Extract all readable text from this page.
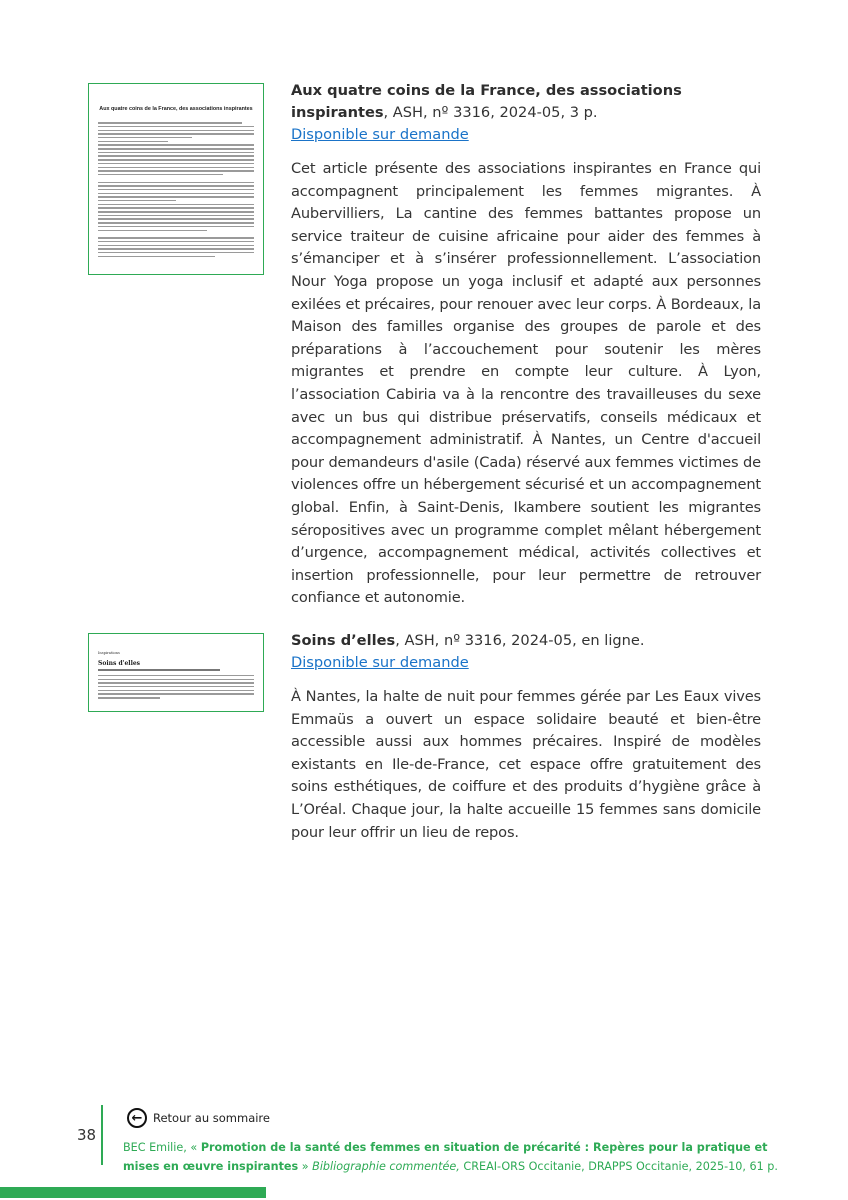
Aux quatre coins de la France, des associations inspirantes

Aux quatre coins de la France, des associations inspirantes, ASH, nº 3316, 2024-05, 3 p.

Disponible sur demande

Cet article présente des associations inspirantes en France qui accompagnent principalement les femmes migrantes. À Aubervilliers, La cantine des femmes battantes propose un service traiteur de cuisine africaine pour aider des femmes à s’émanciper et à s’insérer professionnellement. L’association Nour Yoga propose un yoga inclusif et adapté aux personnes exilées et précaires, pour renouer avec leur corps. À Bordeaux, la Maison des familles organise des groupes de parole et des préparations à l’accouchement pour soutenir les mères migrantes et prendre en compte leur culture. À Lyon, l’association Cabiria va à la rencontre des travailleuses du sexe avec un bus qui distribue préservatifs, conseils médicaux et accompagnement administratif. À Nantes, un Centre d'accueil pour demandeurs d'asile (Cada) réservé aux femmes victimes de violences offre un hébergement sécurisé et un accompagnement global. Enfin, à Saint-Denis, Ikambere soutient les migrantes séropositives avec un programme complet mêlant hébergement d’urgence, accompagnement médical, activités collectives et insertion professionnelle, pour leur permettre de retrouver confiance et autonomie.

Inspirations
Soins d'elles

Soins d’elles, ASH, nº 3316, 2024-05, en ligne.

Disponible sur demande

À Nantes, la halte de nuit pour femmes gérée par Les Eaux vives Emmaüs a ouvert un espace solidaire beauté et bien-être accessible aussi aux hommes précaires. Inspiré de modèles existants en Ile-de-France, cet espace offre gratuitement des soins esthétiques, de coiffure et des produits d’hygiène grâce à L’Oréal. Chaque jour, la halte accueille 15 femmes sans domicile pour leur offrir un lieu de repos.

38
← Retour au sommaire
BEC Emilie, « Promotion de la santé des femmes en situation de précarité : Repères pour la pratique et mises en œuvre inspirantes » Bibliographie commentée, CREAI-ORS Occitanie, DRAPPS Occitanie, 2025-10, 61 p.
